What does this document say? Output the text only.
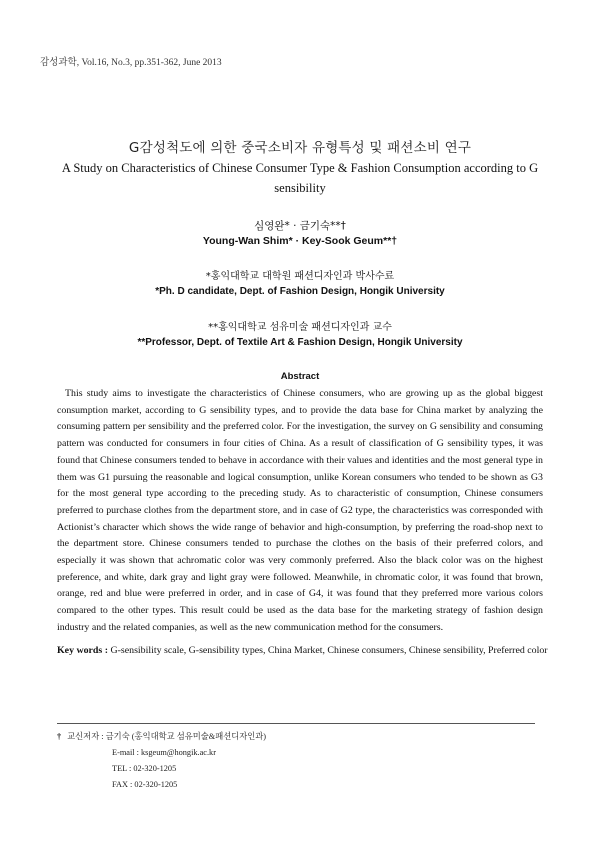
감성과학, Vol.16, No.3, pp.351-362, June 2013
G감성척도에 의한 중국소비자 유형특성 및 패션소비 연구
A Study on Characteristics of Chinese Consumer Type & Fashion Consumption according to G sensibility
심영완* · 금기숙**†
Young-Wan Shim* · Key-Sook Geum**†
*홍익대학교 대학원 패션디자인과 박사수료
*Ph. D candidate, Dept. of Fashion Design, Hongik University
**홍익대학교 섬유미술 패션디자인과 교수
**Professor, Dept. of Textile Art & Fashion Design, Hongik University
Abstract

This study aims to investigate the characteristics of Chinese consumers, who are growing up as the global biggest consumption market, according to G sensibility types, and to provide the data base for China market by analyzing the consuming pattern per sensibility and the preferred color. For the investigation, the survey on G sensibility and consuming pattern was conducted for consumers in four cities of China. As a result of classification of G sensibility types, it was found that Chinese consumers tended to behave in accordance with their values and identities and the most general type in them was G1 pursuing the reasonable and logical consumption, unlike Korean consumers who tended to be shown as G3 for the most general type according to the preceding study. As to characteristic of consumption, Chinese consumers preferred to purchase clothes from the department store, and in case of G2 type, the characteristics was corresponded with Actionist’s character which shows the wide range of behavior and high-consumption, by preferring the road-shop next to the department store. Chinese consumers tended to purchase the clothes on the basis of their preferred colors, and especially it was shown that achromatic color was very commonly preferred. Also the black color was on the highest preference, and white, dark gray and light gray were followed. Meanwhile, in chromatic color, it was found that brown, orange, red and blue were preferred in order, and in case of G4, it was found that they preferred more various colors compared to the other types. This result could be used as the data base for the marketing strategy of fashion design industry and the related companies, as well as the new communication method for the consumers.

Key words : G-sensibility scale, G-sensibility types, China Market, Chinese consumers, Chinese sensibility, Preferred color
† 교신저자 : 금기숙 (홍익대학교 섬유미술&패션디자인과)
E-mail : ksgeum@hongik.ac.kr
TEL : 02-320-1205
FAX : 02-320-1205
